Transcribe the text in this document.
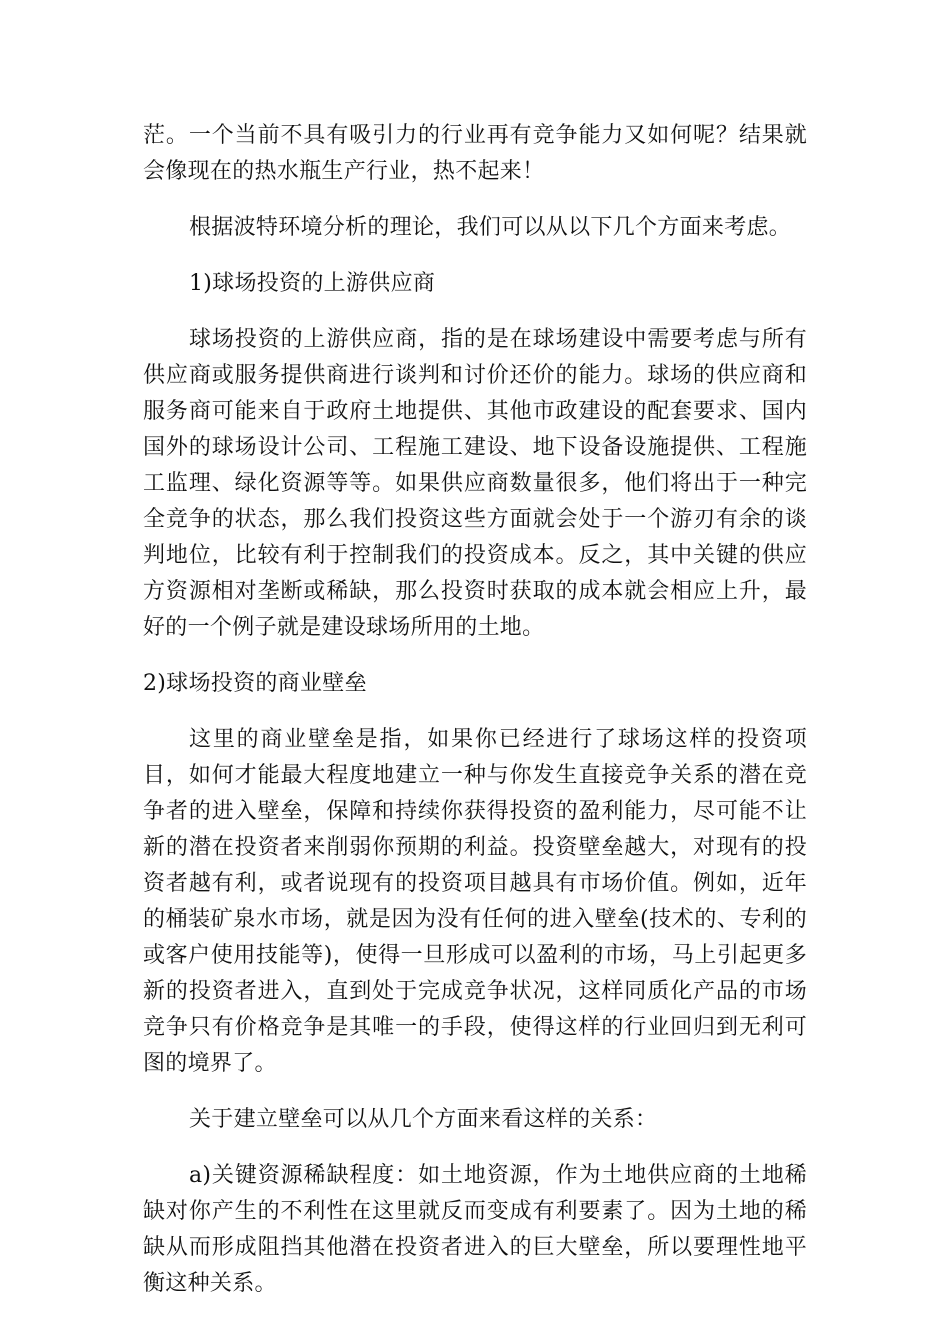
茫。一个当前不具有吸引力的行业再有竞争能力又如何呢？结果就会像现在的热水瓶生产行业，热不起来！

根据波特环境分析的理论，我们可以从以下几个方面来考虑。

1)球场投资的上游供应商

球场投资的上游供应商，指的是在球场建设中需要考虑与所有供应商或服务提供商进行谈判和讨价还价的能力。球场的供应商和服务商可能来自于政府土地提供、其他市政建设的配套要求、国内国外的球场设计公司、工程施工建设、地下设备设施提供、工程施工监理、绿化资源等等。如果供应商数量很多，他们将出于一种完全竞争的状态，那么我们投资这些方面就会处于一个游刃有余的谈判地位，比较有利于控制我们的投资成本。反之，其中关键的供应方资源相对垄断或稀缺，那么投资时获取的成本就会相应上升，最好的一个例子就是建设球场所用的土地。

2)球场投资的商业壁垒

这里的商业壁垒是指，如果你已经进行了球场这样的投资项目，如何才能最大程度地建立一种与你发生直接竞争关系的潜在竞争者的进入壁垒，保障和持续你获得投资的盈利能力，尽可能不让新的潜在投资者来削弱你预期的利益。投资壁垒越大，对现有的投资者越有利，或者说现有的投资项目越具有市场价值。例如，近年的桶装矿泉水市场，就是因为没有任何的进入壁垒(技术的、专利的或客户使用技能等)，使得一旦形成可以盈利的市场，马上引起更多新的投资者进入，直到处于完成竞争状况，这样同质化产品的市场竞争只有价格竞争是其唯一的手段，使得这样的行业回归到无利可图的境界了。

关于建立壁垒可以从几个方面来看这样的关系：

a)关键资源稀缺程度：如土地资源，作为土地供应商的土地稀缺对你产生的不利性在这里就反而变成有利要素了。因为土地的稀缺从而形成阻挡其他潜在投资者进入的巨大壁垒，所以要理性地平衡这种关系。
